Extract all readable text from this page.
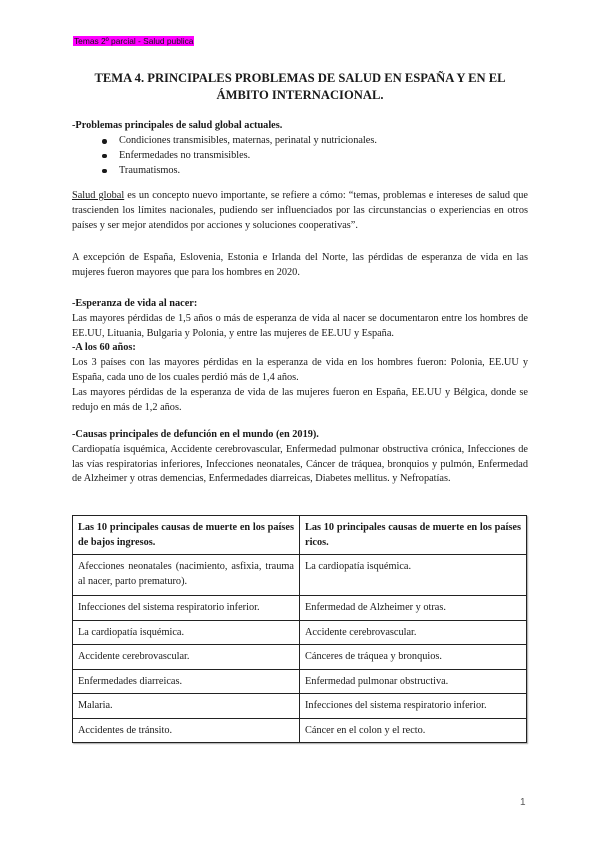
Temas 2º parcial - Salud publica
TEMA 4. PRINCIPALES PROBLEMAS DE SALUD EN ESPAÑA Y EN EL ÁMBITO INTERNACIONAL.
-Problemas principales de salud global actuales.
Condiciones transmisibles, maternas, perinatal y nutricionales.
Enfermedades no transmisibles.
Traumatismos.
Salud global es un concepto nuevo importante, se refiere a cómo: “temas, problemas e intereses de salud que trascienden los límites nacionales, pudiendo ser influenciados por las circunstancias o experiencias en otros países y ser mejor atendidos por acciones y soluciones cooperativas”.
A excepción de España, Eslovenia, Estonia e Irlanda del Norte, las pérdidas de esperanza de vida en las mujeres fueron mayores que para los hombres en 2020.
-Esperanza de vida al nacer:
Las mayores pérdidas de 1,5 años o más de esperanza de vida al nacer se documentaron entre los hombres de EE.UU, Lituania, Bulgaria y Polonia, y entre las mujeres de EE.UU y España.
-A los 60 años:
Los 3 países con las mayores pérdidas en la esperanza de vida en los hombres fueron: Polonia, EE.UU y España, cada uno de los cuales perdió más de 1,4 años.
Las mayores pérdidas de la esperanza de vida de las mujeres fueron en España, EE.UU y Bélgica, donde se redujo en más de 1,2 años.
-Causas principales de defunción en el mundo (en 2019).
Cardiopatía isquémica, Accidente cerebrovascular, Enfermedad pulmonar obstructiva crónica, Infecciones de las vías respiratorias inferiores, Infecciones neonatales, Cáncer de tráquea, bronquios y pulmón, Enfermedad de Alzheimer y otras demencias, Enfermedades diarreicas, Diabetes mellitus. y Nefropatías.
Las 10 principales causas de muerte en los países de bajos ingresos.	Las 10 principales causas de muerte en los países ricos.
Afecciones neonatales (nacimiento, asfixia, trauma al nacer, parto prematuro).	La cardiopatía isquémica.
Infecciones del sistema respiratorio inferior.	Enfermedad de Alzheimer y otras.
La cardiopatía isquémica.	Accidente cerebrovascular.
Accidente cerebrovascular.	Cánceres de tráquea y bronquios.
Enfermedades diarreicas.	Enfermedad pulmonar obstructiva.
Malaria.	Infecciones del sistema respiratorio inferior.
Accidentes de tránsito.	Cáncer en el colon y el recto.
1
